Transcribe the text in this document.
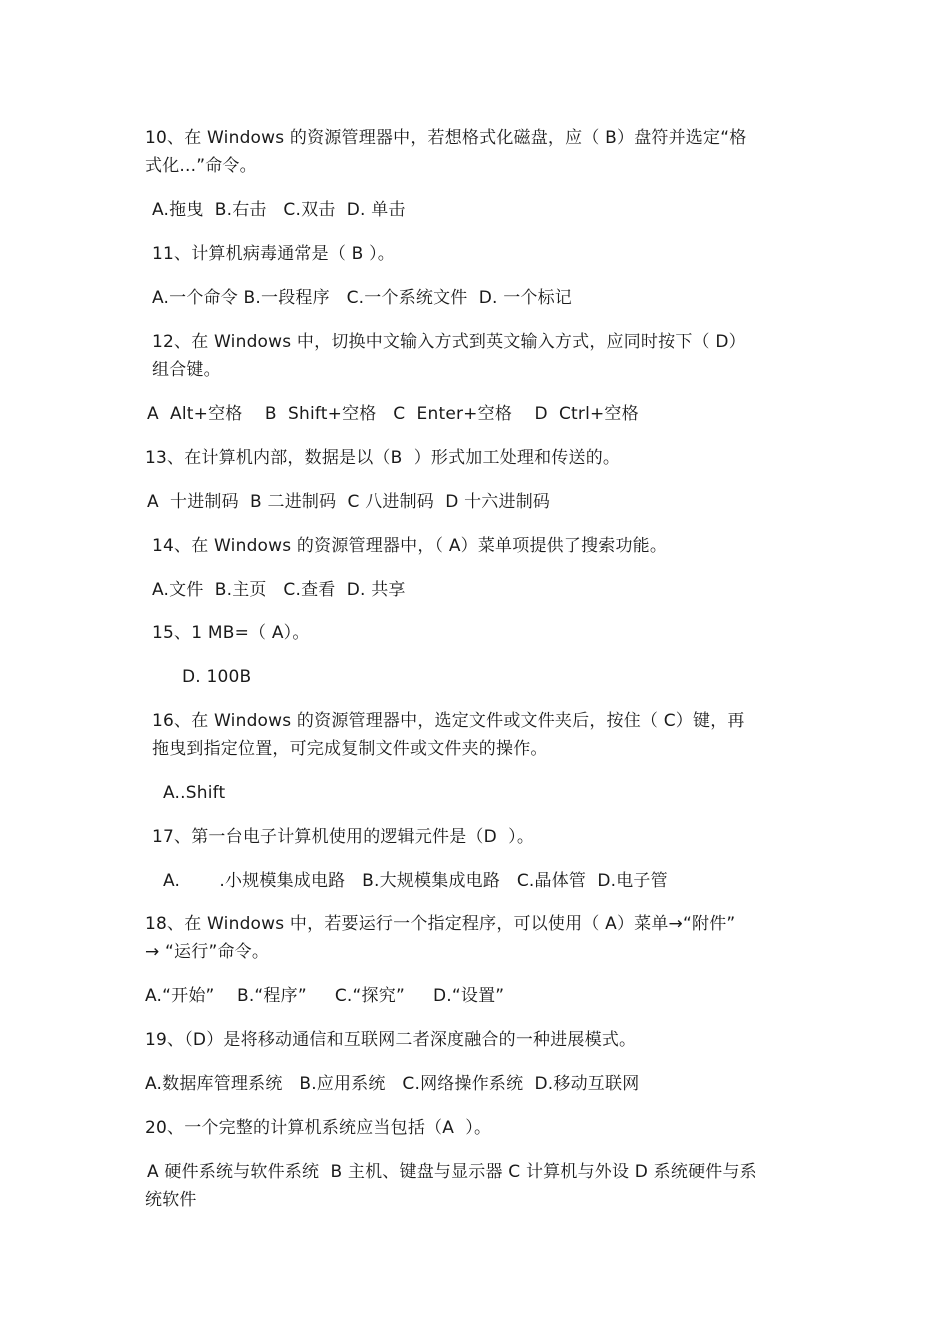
10、在 Windows 的资源管理器中，若想格式化磁盘，应（ B）盘符并选定“格
式化...”命令。
A.拖曳  B.右击   C.双击  D. 单击
11、计算机病毒通常是（ B ）。
A.一个命令 B.一段程序   C.一个系统文件  D. 一个标记
12、在 Windows 中，切换中文输入方式到英文输入方式，应同时按下（ D）
组合键。
A  Alt+空格    B  Shift+空格   C  Enter+空格    D  Ctrl+空格
13、在计算机内部，数据是以（B  ）形式加工处理和传送的。
A  十进制码  B 二进制码  C 八进制码  D 十六进制码
14、在 Windows 的资源管理器中，（ A）菜单项提供了搜索功能。
A.文件  B.主页   C.查看  D. 共享
15、1 MB=（ A）。
D. 100B
16、在 Windows 的资源管理器中，选定文件或文件夹后，按住（ C）键，再
拖曳到指定位置，可完成复制文件或文件夹的操作。
A..Shift
17、第一台电子计算机使用的逻辑元件是（D  ）。
A.       .小规模集成电路   B.大规模集成电路   C.晶体管  D.电子管
18、在 Windows 中，若要运行一个指定程序，可以使用（ A）菜单→“附件”
→ “运行”命令。
A.“开始”    B.“程序”     C.“探究”     D.“设置”
19、（D）是将移动通信和互联网二者深度融合的一种进展模式。
A.数据库管理系统   B.应用系统   C.网络操作系统  D.移动互联网
20、一个完整的计算机系统应当包括（A  ）。
A 硬件系统与软件系统  B 主机、键盘与显示器 C 计算机与外设 D 系统硬件与系
统软件
